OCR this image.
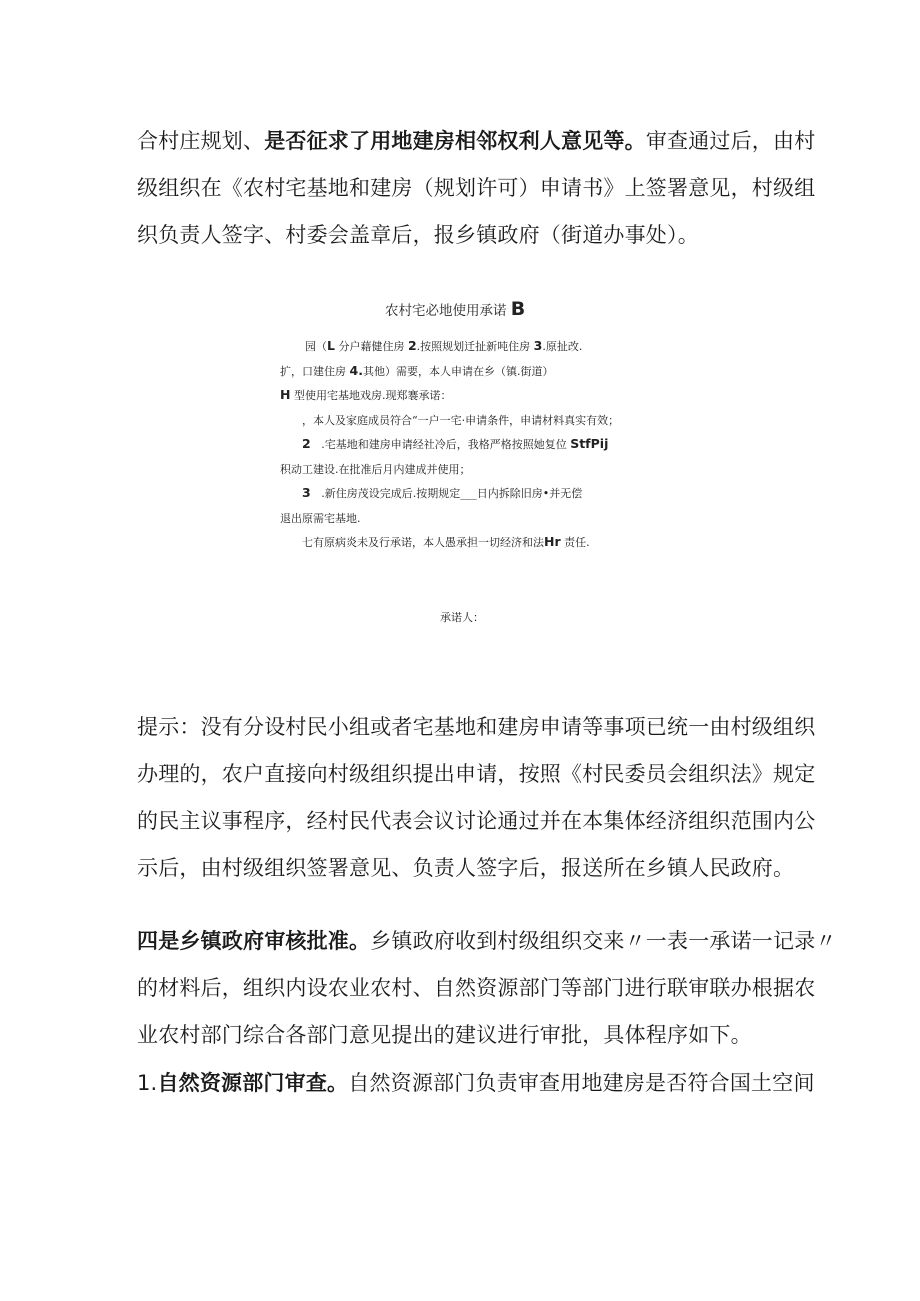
合村庄规划、是否征求了用地建房相邻权利人意见等。审查通过后，由村
级组织在《农村宅基地和建房（规划许可）申请书》上签署意见，村级组
织负责人签字、村委会盖章后，报乡镇政府（街道办事处）。
农村宅必地使用承诺 B
园（L 分户藉健住房 2.按照规划迁扯新吨住房 3.原扯改.
扩，口建住房 4.其他）需要，本人申请在乡（镇.街道）
H 型使用宅基地戏房.现郑褰承诺：
，本人及家庭成员符合“一户一宅·申请条件，申请材料真实有效；
2 .宅基地和建房申请经社冷后，我格严格按照她复位 StfPij
积动工建设.在批准后月内建成并使用；
3 .新住房茂设完成后.按期规定___日内拆除旧房•并无偿
退出原需宅基地.
七有原病炎未及行承诺，本人愚承担一切经济和法Hr 责任.
承诺人：
提示：没有分设村民小组或者宅基地和建房申请等事项已统一由村级组织
办理的，农户直接向村级组织提出申请，按照《村民委员会组织法》规定
的民主议事程序，经村民代表会议讨论通过并在本集体经济组织范围内公
示后，由村级组织签署意见、负责人签字后，报送所在乡镇人民政府。
四是乡镇政府审核批准。乡镇政府收到村级组织交来〃一表一承诺一记录〃
的材料后，组织内设农业农村、自然资源部门等部门进行联审联办根据农
业农村部门综合各部门意见提出的建议进行审批，具体程序如下。
1.自然资源部门审查。自然资源部门负责审查用地建房是否符合国土空间
